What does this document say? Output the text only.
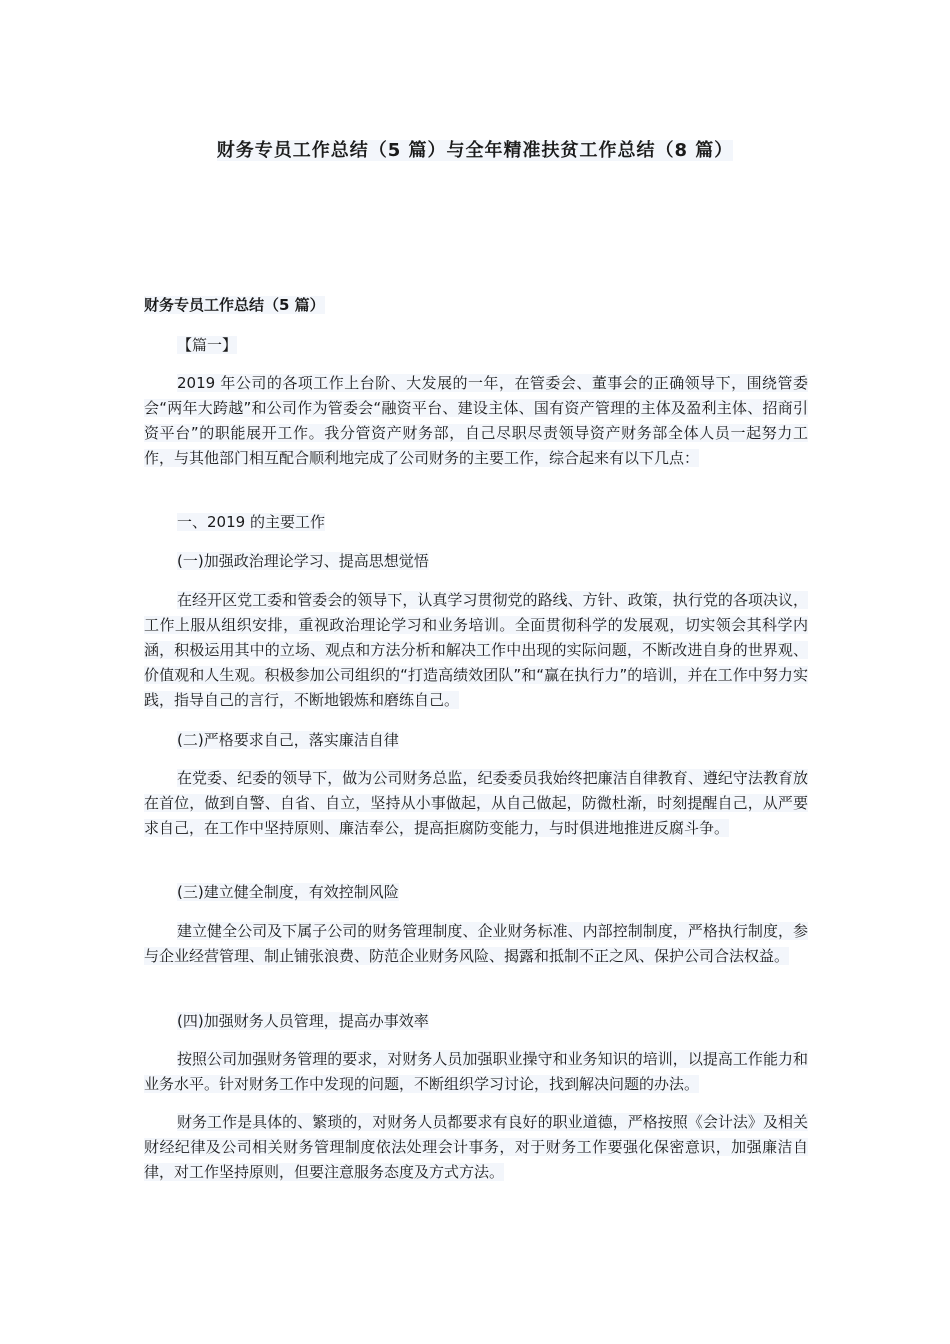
财务专员工作总结（5 篇）与全年精准扶贫工作总结（8 篇）
财务专员工作总结（5 篇）

【篇一】

2019 年公司的各项工作上台阶、大发展的一年，在管委会、董事会的正确领导下，围绕管委会“两年大跨越”和公司作为管委会“融资平台、建设主体、国有资产管理的主体及盈利主体、招商引资平台”的职能展开工作。我分管资产财务部，自己尽职尽责领导资产财务部全体人员一起努力工作，与其他部门相互配合顺利地完成了公司财务的主要工作，综合起来有以下几点：

一、2019 的主要工作

(一)加强政治理论学习、提高思想觉悟

在经开区党工委和管委会的领导下，认真学习贯彻党的路线、方针、政策，执行党的各项决议，工作上服从组织安排，重视政治理论学习和业务培训。全面贯彻科学的发展观，切实领会其科学内涵，积极运用其中的立场、观点和方法分析和解决工作中出现的实际问题，不断改进自身的世界观、价值观和人生观。积极参加公司组织的“打造高绩效团队”和“赢在执行力”的培训，并在工作中努力实践，指导自己的言行，不断地锻炼和磨练自己。

(二)严格要求自己，落实廉洁自律

在党委、纪委的领导下，做为公司财务总监，纪委委员我始终把廉洁自律教育、遵纪守法教育放在首位，做到自警、自省、自立，坚持从小事做起，从自己做起，防微杜渐，时刻提醒自己，从严要求自己，在工作中坚持原则、廉洁奉公，提高拒腐防变能力，与时俱进地推进反腐斗争。

(三)建立健全制度，有效控制风险

建立健全公司及下属子公司的财务管理制度、企业财务标准、内部控制制度，严格执行制度，参与企业经营管理、制止铺张浪费、防范企业财务风险、揭露和抵制不正之风、保护公司合法权益。

(四)加强财务人员管理，提高办事效率

按照公司加强财务管理的要求，对财务人员加强职业操守和业务知识的培训，以提高工作能力和业务水平。针对财务工作中发现的问题，不断组织学习讨论，找到解决问题的办法。

财务工作是具体的、繁琐的，对财务人员都要求有良好的职业道德，严格按照《会计法》及相关财经纪律及公司相关财务管理制度依法处理会计事务，对于财务工作要强化保密意识，加强廉洁自律，对工作坚持原则，但要注意服务态度及方式方法。
